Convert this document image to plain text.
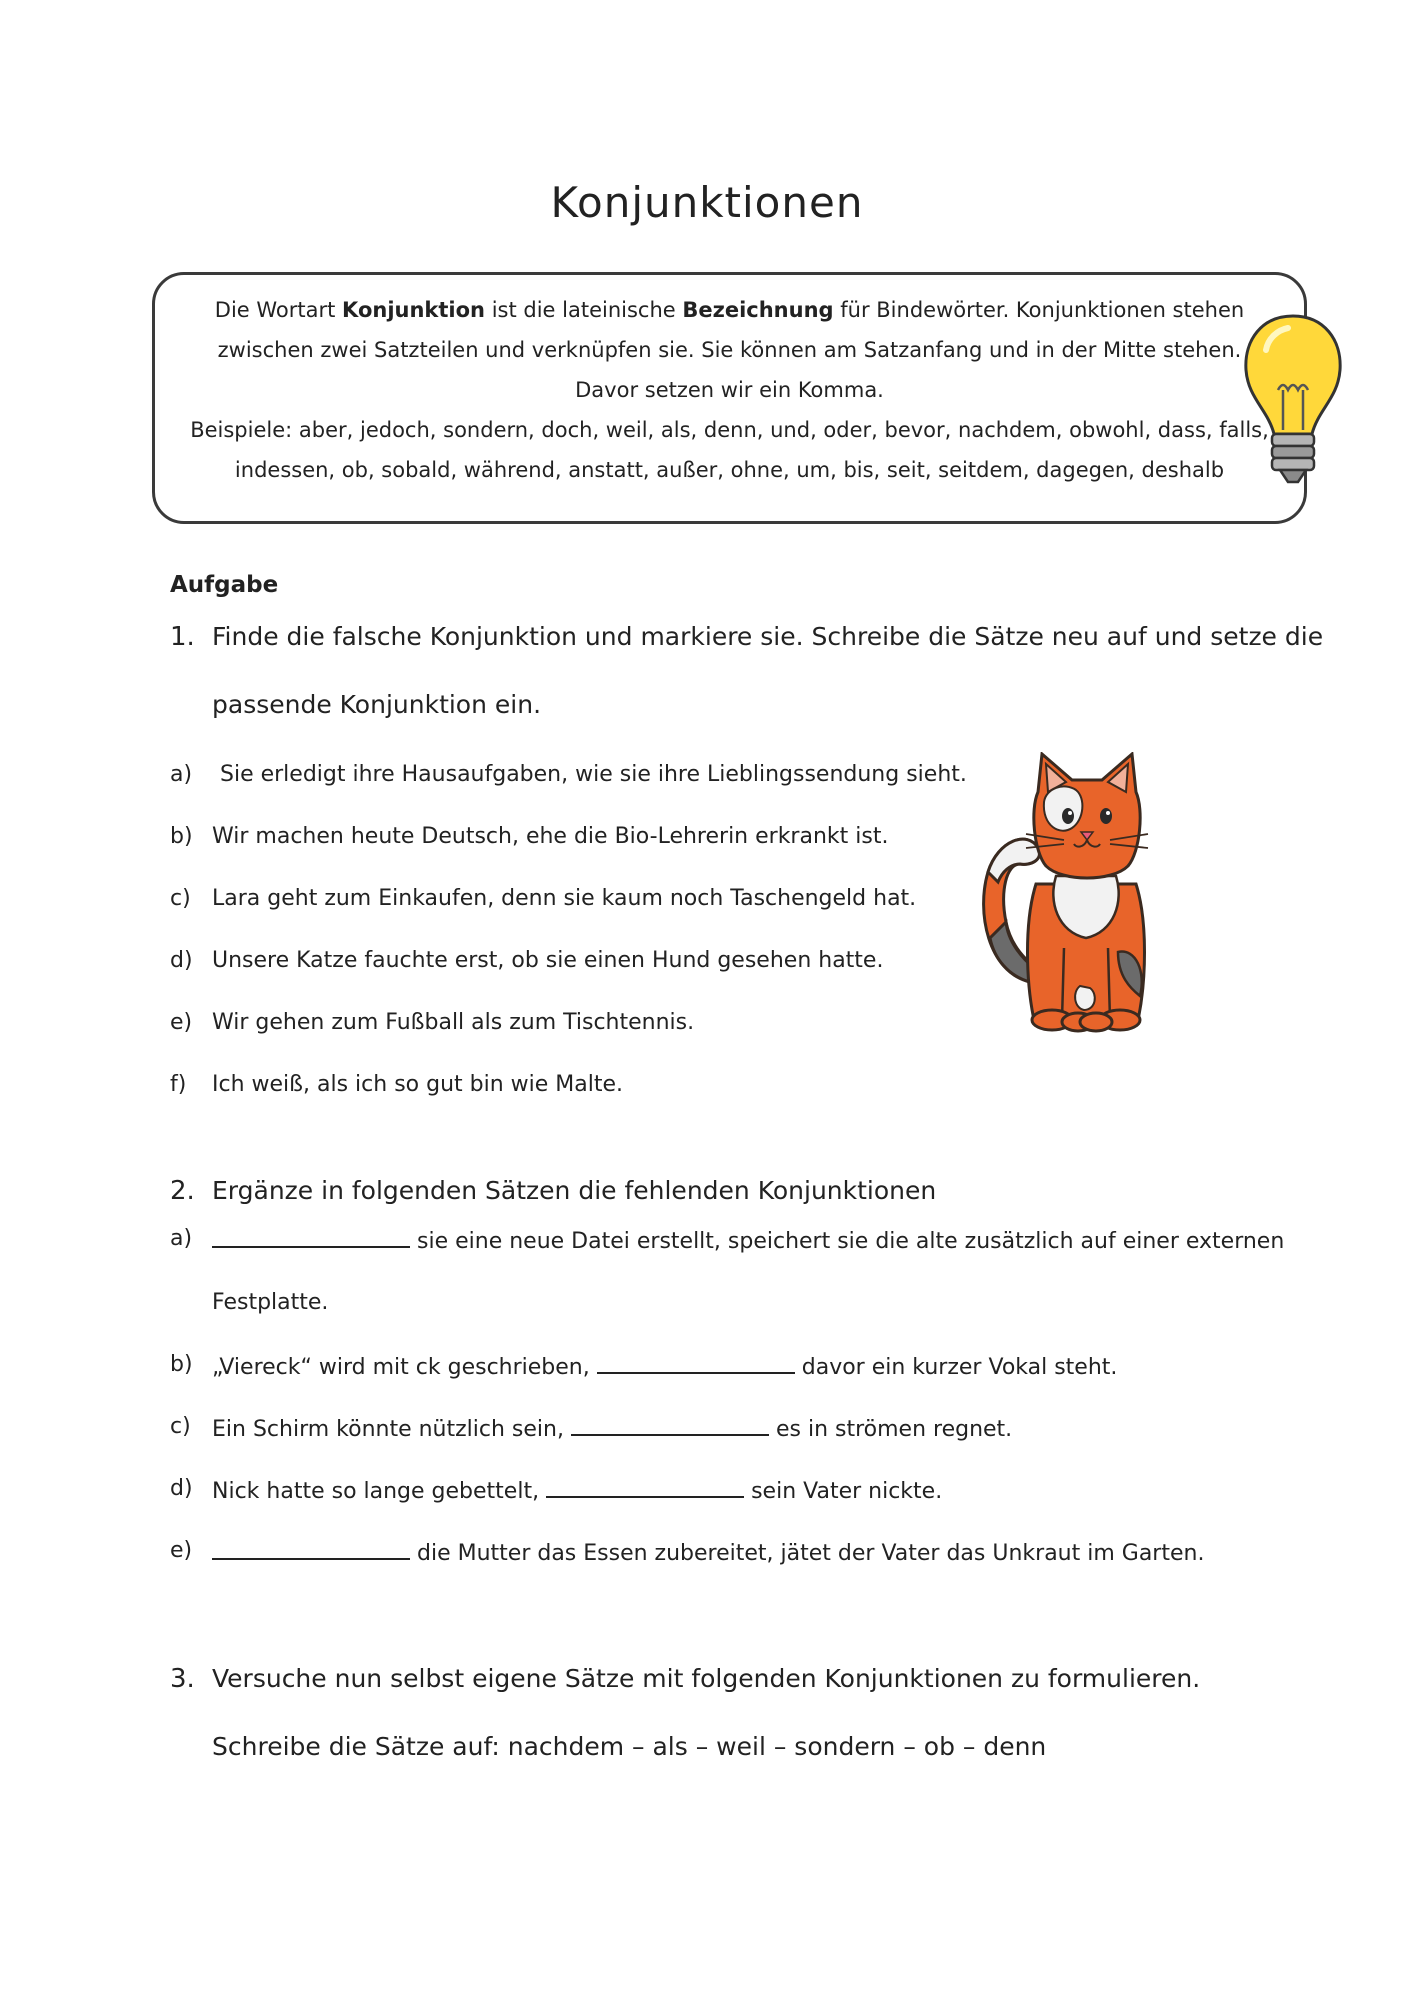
Konjunktionen
Die Wortart Konjunktion ist die lateinische Bezeichnung für Bindewörter. Konjunktionen stehen
zwischen zwei Satzteilen und verknüpfen sie. Sie können am Satzanfang und in der Mitte stehen.
Davor setzen wir ein Komma.
Beispiele: aber, jedoch, sondern, doch, weil, als, denn, und, oder, bevor, nachdem, obwohl, dass, falls,
indessen, ob, sobald, während, anstatt, außer, ohne, um, bis, seit, seitdem, dagegen, deshalb
Aufgabe
1. Finde die falsche Konjunktion und markiere sie. Schreibe die Sätze neu auf und setze die
passende Konjunktion ein.
a) Sie erledigt ihre Hausaufgaben, wie sie ihre Lieblingssendung sieht.
b) Wir machen heute Deutsch, ehe die Bio-Lehrerin erkrankt ist.
c) Lara geht zum Einkaufen, denn sie kaum noch Taschengeld hat.
d) Unsere Katze fauchte erst, ob sie einen Hund gesehen hatte.
e) Wir gehen zum Fußball als zum Tischtennis.
f) Ich weiß, als ich so gut bin wie Malte.
2. Ergänze in folgenden Sätzen die fehlenden Konjunktionen
a)	sie eine neue Datei erstellt, speichert sie die alte zusätzlich auf einer externen
Festplatte.
b) „Viereck“ wird mit ck geschrieben,	davor ein kurzer Vokal steht.
c) Ein Schirm könnte nützlich sein,	es in strömen regnet.
d) Nick hatte so lange gebettelt,	sein Vater nickte.
e)	die Mutter das Essen zubereitet, jätet der Vater das Unkraut im Garten.
3. Versuche nun selbst eigene Sätze mit folgenden Konjunktionen zu formulieren.
Schreibe die Sätze auf: nachdem – als – weil – sondern – ob – denn
